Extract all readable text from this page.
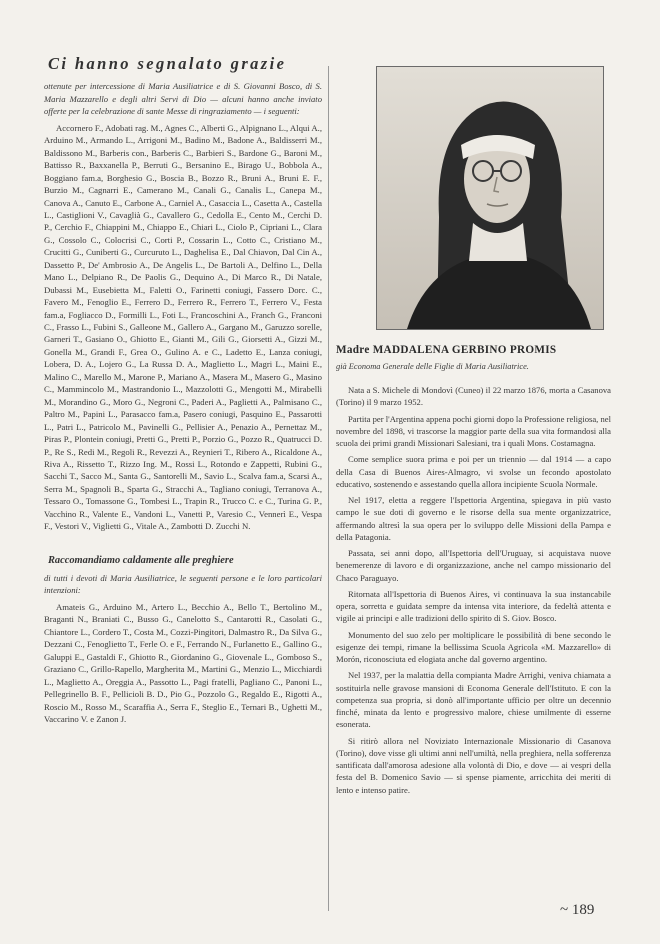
Ci hanno segnalato grazie

ottenute per intercessione di Maria Ausiliatrice e di S. Giovanni Bosco, di S. Maria Mazzarello e degli altri Servi di Dio — alcuni hanno anche inviato offerte per la celebrazione di sante Messe di ringraziamento — i seguenti:

Accornero F., Adobati rag. M., Agnes C., Alberti G., Alpignano L., Alqui A., Arduino M., Armando L., Arrigoni M., Badino M., Badone A., Baldisserri M., Baldissono M., Barberis con., Barberis C., Barbieri S., Bardone G., Baroni M., Battisso R., Baxxanella P., Berruti G., Bersanino E., Birago U., Bobbola A., Boggiano fam.a, Borghesio G., Boscia B., Bozzo R., Bruni A., Bruni E. F., Burzio M., Cagnarri E., Camerano M., Canali G., Canalis L., Canepa M., Canova A., Canuto E., Carbone A., Carniel A., Casaccia L., Casetta A., Castella L., Castiglioni V., Cavaglià G., Cavallero G., Cedolla E., Cento M., Cerchi D. P., Cerchio F., Chiappini M., Chiappo E., Chiari L., Ciolo P., Cipriani L., Clara G., Cossolo C., Colocrisi C., Corti P., Cossarin L., Cotto C., Cristiano M., Crucitti G., Cuniberti G., Curcuruto L., Daghelisa E., Dal Chiavon, Dal Cin A., Dassetto P., De' Ambrosio A., De Angelis L., De Bartoli A., Delfino L., Della Mano L., Delpiano R., De Paolis G., Dequino A., Di Marco R., Di Natale, Dubassi M., Eusebietta M., Faletti O., Farinetti coniugi, Fassero Dorc. C., Favero M., Fenoglio E., Ferrero D., Ferrero R., Ferrero T., Ferrero V., Festa fam.a, Fogliacco D., Formilli L., Foti L., Francoschini A., Franch G., Franconi C., Frasso L., Fubini S., Galleone M., Gallero A., Gargano M., Garuzzo sorelle, Garneri T., Gasiano O., Ghiotto E., Gianti M., Gili G., Giorsetti A., Gizzi M., Gonella M., Grandi F., Grea O., Gulino A. e C., Ladetto E., Lanza coniugi, Lobera, D. A., Lojero G., La Russa D. A., Maglietto L., Magri L., Maini E., Malino C., Marello M., Marone P., Mariano A., Masera M., Masero G., Masino C., Mammincolo M., Mastrandonio L., Mazzolotti G., Mengotti M., Mirabelli M., Morandino G., Moro G., Negroni C., Paderi A., Paglietti A., Palmisano C., Paltro M., Papini L., Parasacco fam.a, Pasero coniugi, Pasquino E., Passarotti L., Patri L., Patricolo M., Pavinelli G., Pellisier A., Penazio A., Pernettaz M., Piras P., Plontein coniugi, Pretti G., Pretti P., Porzio G., Pozzo R., Quatrucci D. P., Re S., Redi M., Regoli R., Revezzi A., Reynieri T., Ribero A., Ricaldone A., Riva A., Rissetto T., Rizzo Ing. M., Rossi L., Rotondo e Zappetti, Rubini G., Sacchi T., Sacco M., Santa G., Santorelli M., Savio L., Scalva fam.a, Scarsi A., Serra M., Spagnoli B., Sparta G., Stracchi A., Tagliano coniugi, Terranova A., Tessaro O., Tomassone G., Tombesi L., Trapin R., Trucco C. e C., Turina G. P., Vacchino R., Valente E., Vandoni L., Vanetti P., Varesio C., Vennerì E., Vespa F., Vestori V., Viglietti G., Vitale A., Zambotti D. Zucchi N.

Raccomandiamo caldamente alle preghiere

di tutti i devoti di Maria Ausiliatrice, le seguenti persone e le loro particolari intenzioni:

Amateis G., Arduino M., Artero L., Becchio A., Bello T., Bertolino M., Braganti N., Braniati C., Busso G., Canelotto S., Cantarotti R., Casolati G., Chiantore L., Cordero T., Costa M., Cozzi-Pingitori, Dalmastro R., Da Silva G., Dezzani C., Fenoglietto T., Ferle O. e F., Ferrando N., Furlanetto E., Gallino G., Galuppi E., Gastaldi F., Ghiotto R., Giordanino G., Giovenale L., Gomboso S., Graziano C., Grillo-Rapello, Margherita M., Martini G., Menzio L., Micchiardi L., Maglietto A., Oreggia A., Passotto L., Pagi fratelli, Pagliano C., Panoni L., Pellegrinello B. F., Pellicioli B. D., Pio G., Pozzolo G., Regaldo E., Rigotti A., Roscio M., Rosso M., Scaraffia A., Serra F., Steglio E., Ternari B., Ughetti M., Vaccarino V. e Zanon J.

Madre MADDALENA GERBINO PROMIS

già Economa Generale delle Figlie di Maria Ausiliatrice.

Nata a S. Michele di Mondovì (Cuneo) il 22 marzo 1876, morta a Casanova (Torino) il 9 marzo 1952.

Partita per l'Argentina appena pochi giorni dopo la Professione religiosa, nel novembre del 1898, vi trascorse la maggior parte della sua vita formandosi alla scuola dei primi grandi Missionari Salesiani, tra i quali Mons. Costamagna.

Come semplice suora prima e poi per un triennio — dal 1914 — a capo della Casa di Buenos Aires-Almagro, vi svolse un fecondo apostolato educativo, sostenendo e assestando quella allora incipiente Scuola Normale.

Nel 1917, eletta a reggere l'Ispettoria Argentina, spiegava in più vasto campo le sue doti di governo e le risorse della sua mente organizzatrice, affermando altresì la sua opera per lo sviluppo delle Missioni della Pampa e della Patagonia.

Passata, sei anni dopo, all'Ispettoria dell'Uruguay, si acquistava nuove benemerenze di lavoro e di organizzazione, anche nel campo missionario del Chaco Paraguayo.

Ritornata all'Ispettoria di Buenos Aires, vi continuava la sua instancabile opera, sorretta e guidata sempre da intensa vita interiore, da fedeltà attenta e vigile ai principi e alle tradizioni dello spirito di S. Giov. Bosco.

Monumento del suo zelo per moltiplicare le possibilità di bene secondo le esigenze dei tempi, rimane la bellissima Scuola Agricola «M. Mazzarello» di Morón, riconosciuta ed elogiata anche dal governo argentino.

Nel 1937, per la malattia della compianta Madre Arrighi, veniva chiamata a sostituirla nelle gravose mansioni di Economa Generale dell'Istituto. E con la competenza sua propria, si donò all'importante ufficio per oltre un decennio finché, minata da lento e progressivo malore, chiese umilmente di esserne esonerata.

Si ritirò allora nel Noviziato Internazionale Missionario di Casanova (Torino), dove visse gli ultimi anni nell'umiltà, nella preghiera, nella sofferenza santificata dall'amorosa adesione alla volontà di Dio, e dove — ai vespri della festa del B. Domenico Savio — si spense piamente, arricchita dei meriti di lento e intenso patire.

~ 189
